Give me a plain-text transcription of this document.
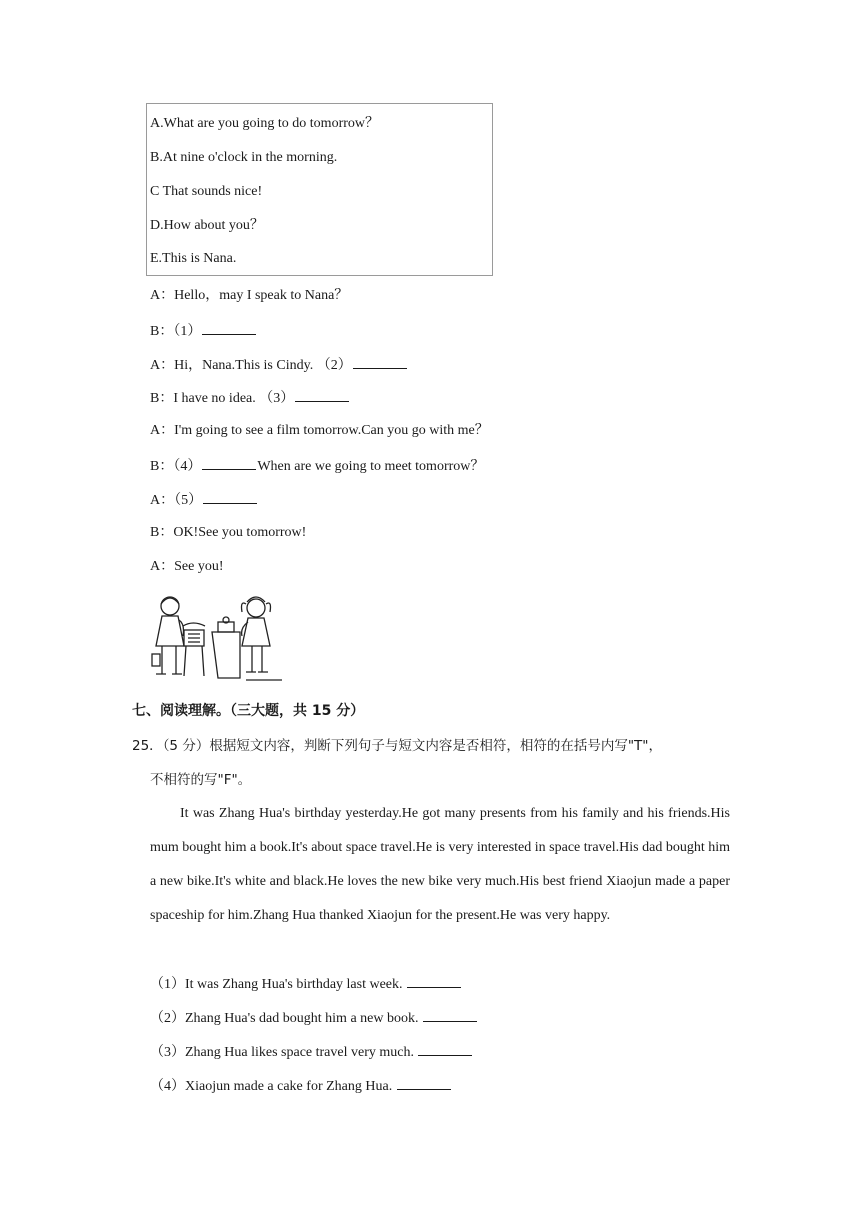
A.What are you going to do tomorrow？
B.At nine o'clock in the morning.
C That sounds nice!
D.How about you？
E.This is Nana.
A：Hello，may I speak to Nana？
B：（1）
A：Hi，Nana.This is Cindy. （2）
B：I have no idea. （3）
A：I'm going to see a film tomorrow.Can you go with me？
B：（4）	When are we going to meet tomorrow？
A：（5）
B：OK!See you tomorrow!
A：See you!
七、阅读理解。（三大题，共 15 分）
25．（5 分）根据短文内容，判断下列句子与短文内容是否相符，相符的在括号内写"T"，
不相符的写"F"。
It was Zhang Hua's birthday yesterday.He got many presents from his family and his friends.His mum bought him a book.It's about space travel.He is very interested in space travel.His dad bought him a new bike.It's white and black.He loves the new bike very much.His best friend Xiaojun made a paper spaceship for him.Zhang Hua thanked Xiaojun for the present.He was very happy.
（1）It was Zhang Hua's birthday last week.
（2）Zhang Hua's dad bought him a new book.
（3）Zhang Hua likes space travel very much.
（4）Xiaojun made a cake for Zhang Hua.
